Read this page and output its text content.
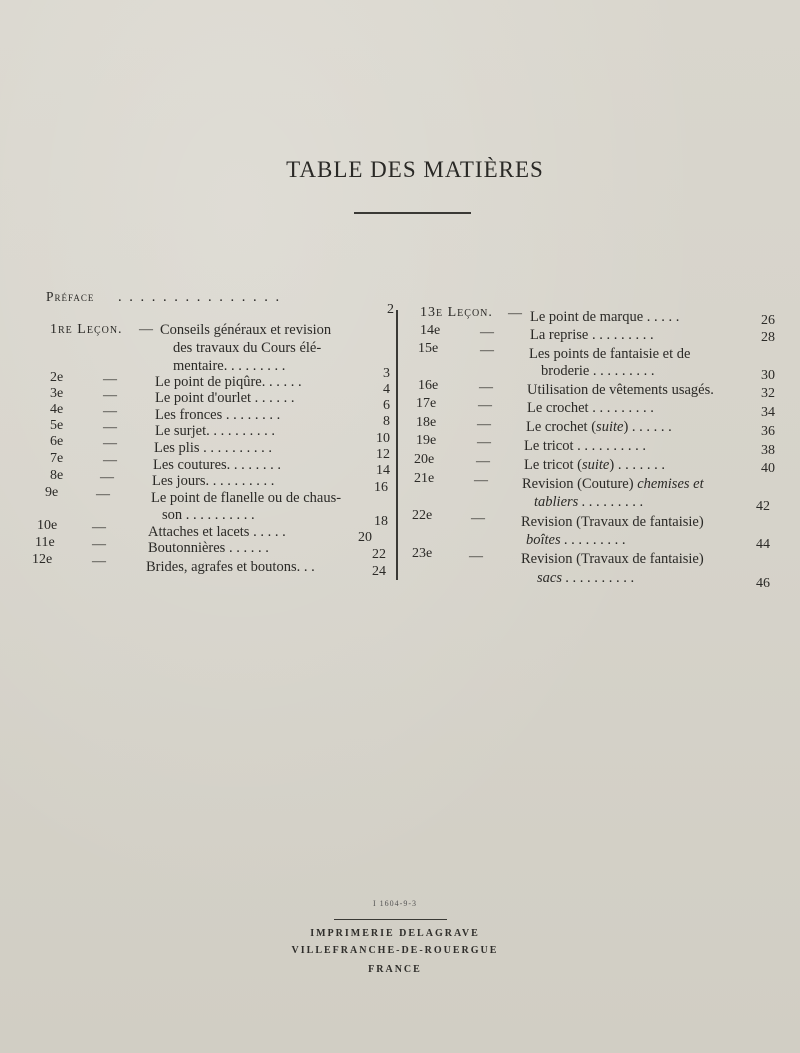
TABLE DES MATIÈRES
Préface . . . . . . . . . . . . . . .
2
1re Leçon. — Conseils généraux et revision
des travaux du Cours élé-
mentaire. . . . . . . . .	3
2e	—	Le point de piqûre. . . . . .	4
3e	—	Le point d'ourlet . . . . . .	6
4e	—	Les fronces . . . . . . . .	8
5e	—	Le surjet. . . . . . . . . .	10
6e	—	Les plis . . . . . . . . . .	12
7e	— Les coutures. . . . . . . .	14
8e	—	Les jours. . . . . . . . . .	16
9e	—	Le point de flanelle ou de chaus-
son . . . . . . . . . .	18
10e —	Attaches et lacets . . . . .	20
11e	—	Boutonnières . . . . . .	22
12e	—	Brides, agrafes et boutons. . .	24
13e Leçon. — Le point de marque . . . . .	26
14e	— La reprise . . . . . . . . .	28
15e	— Les points de fantaisie et de
broderie . . . . . . . . .	30
16e	— Utilisation de vêtements usagés.	32
17e	— Le crochet . . . . . . . . .	34
18e	— Le crochet (suite) . . . . . .	36
19e	— Le tricot . . . . . . . . . .	38
20e	— Le tricot (suite) . . . . . . .	40
21e	— Revision (Couture) chemises et
tabliers . . . . . . . . .	42
22e	— Revision (Travaux de fantaisie)
boîtes . . . . . . . . .	44
23e	—	Revision (Travaux de fantaisie)
sacs . . . . . . . . . .	46
I 1604-9-3
IMPRIMERIE DELAGRAVE
VILLEFRANCHE-DE-ROUERGUE
FRANCE
